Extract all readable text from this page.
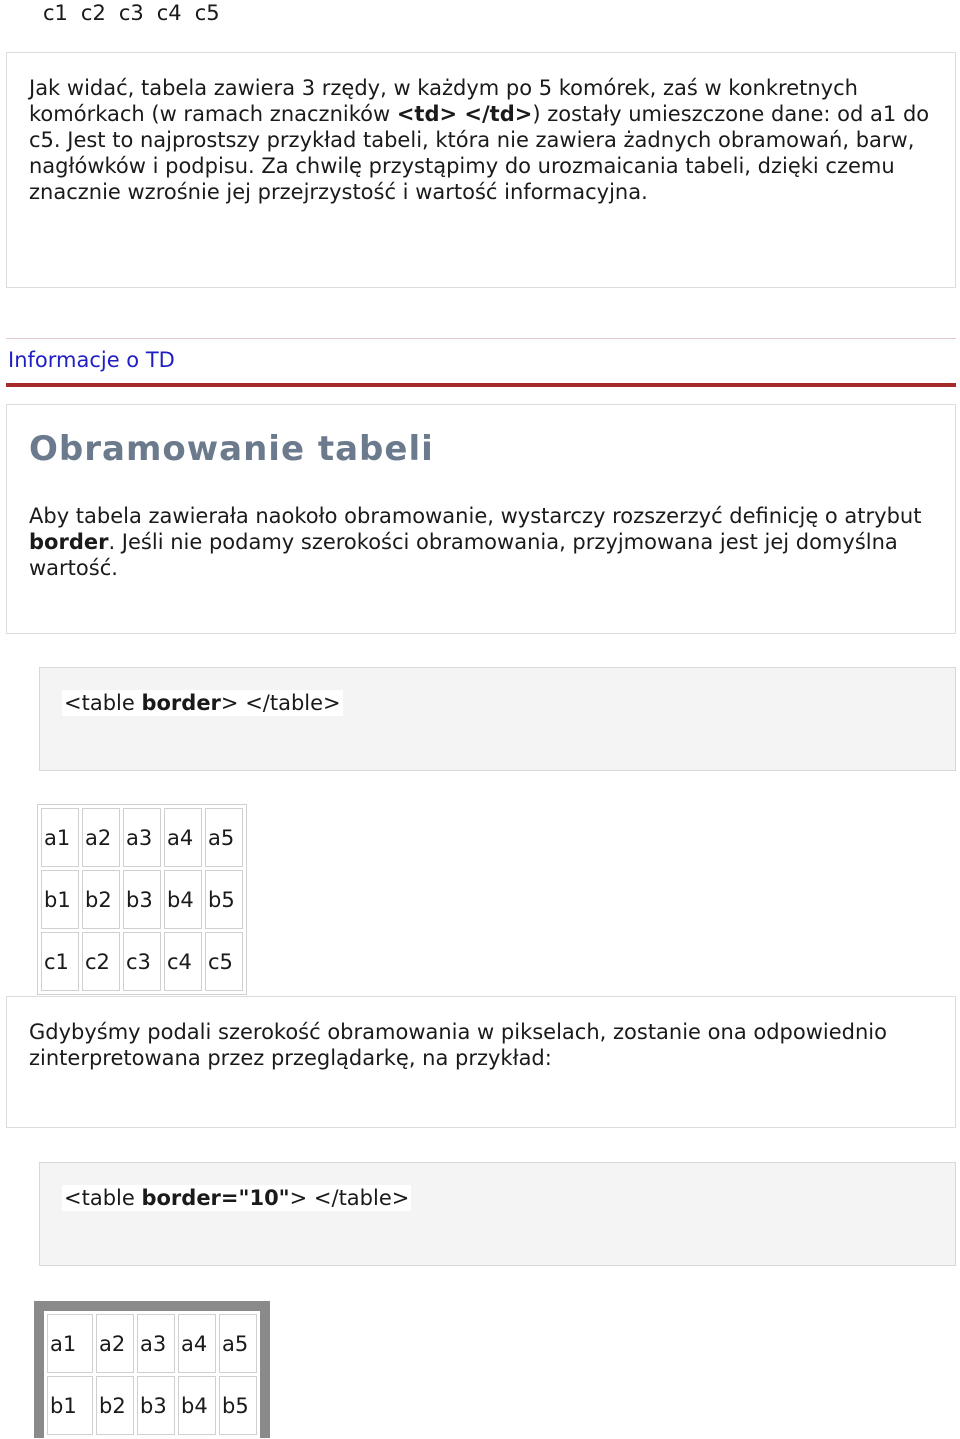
c1 c2 c3 c4 c5

Jak widać, tabela zawiera 3 rzędy, w każdym po 5 komórek, zaś w konkretnych komórkach (w ramach znaczników <td> </td>) zostały umieszczone dane: od a1 do c5. Jest to najprostszy przykład tabeli, która nie zawiera żadnych obramowań, barw, nagłówków i podpisu. Za chwilę przystąpimy do urozmaicania tabeli, dzięki czemu znacznie wzrośnie jej przejrzystość i wartość informacyjna.

Informacje o TD
Obramowanie tabeli

Aby tabela zawierała naokoło obramowanie, wystarczy rozszerzyć definicję o atrybut border. Jeśli nie podamy szerokości obramowania, przyjmowana jest jej domyślna wartość.

<table border> </table>
a1	a2	a3	a4	a5
b1	b2	b3	b4	b5
c1	c2	c3	c4	c5

Gdybyśmy podali szerokość obramowania w pikselach, zostanie ona odpowiednio zinterpretowana przez przeglądarkę, na przykład:

<table border="10"> </table>
a1	a2	a3	a4	a5
b1	b2	b3	b4	b5
